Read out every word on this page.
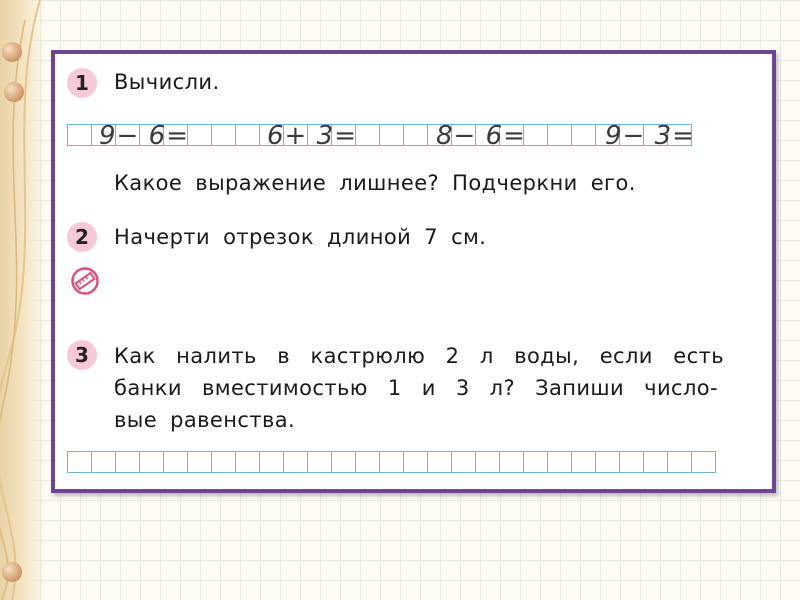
1	Вычисли.
9− 6=	6+ 3=	8− 6=	9− 3=
Какое выражение лишнее? Подчеркни его.
2	Начерти отрезок длиной 7 см.
3	Как налить в кастрюлю 2 л воды, если есть
банки вместимостью 1 и 3 л? Запиши число-
вые равенства.
